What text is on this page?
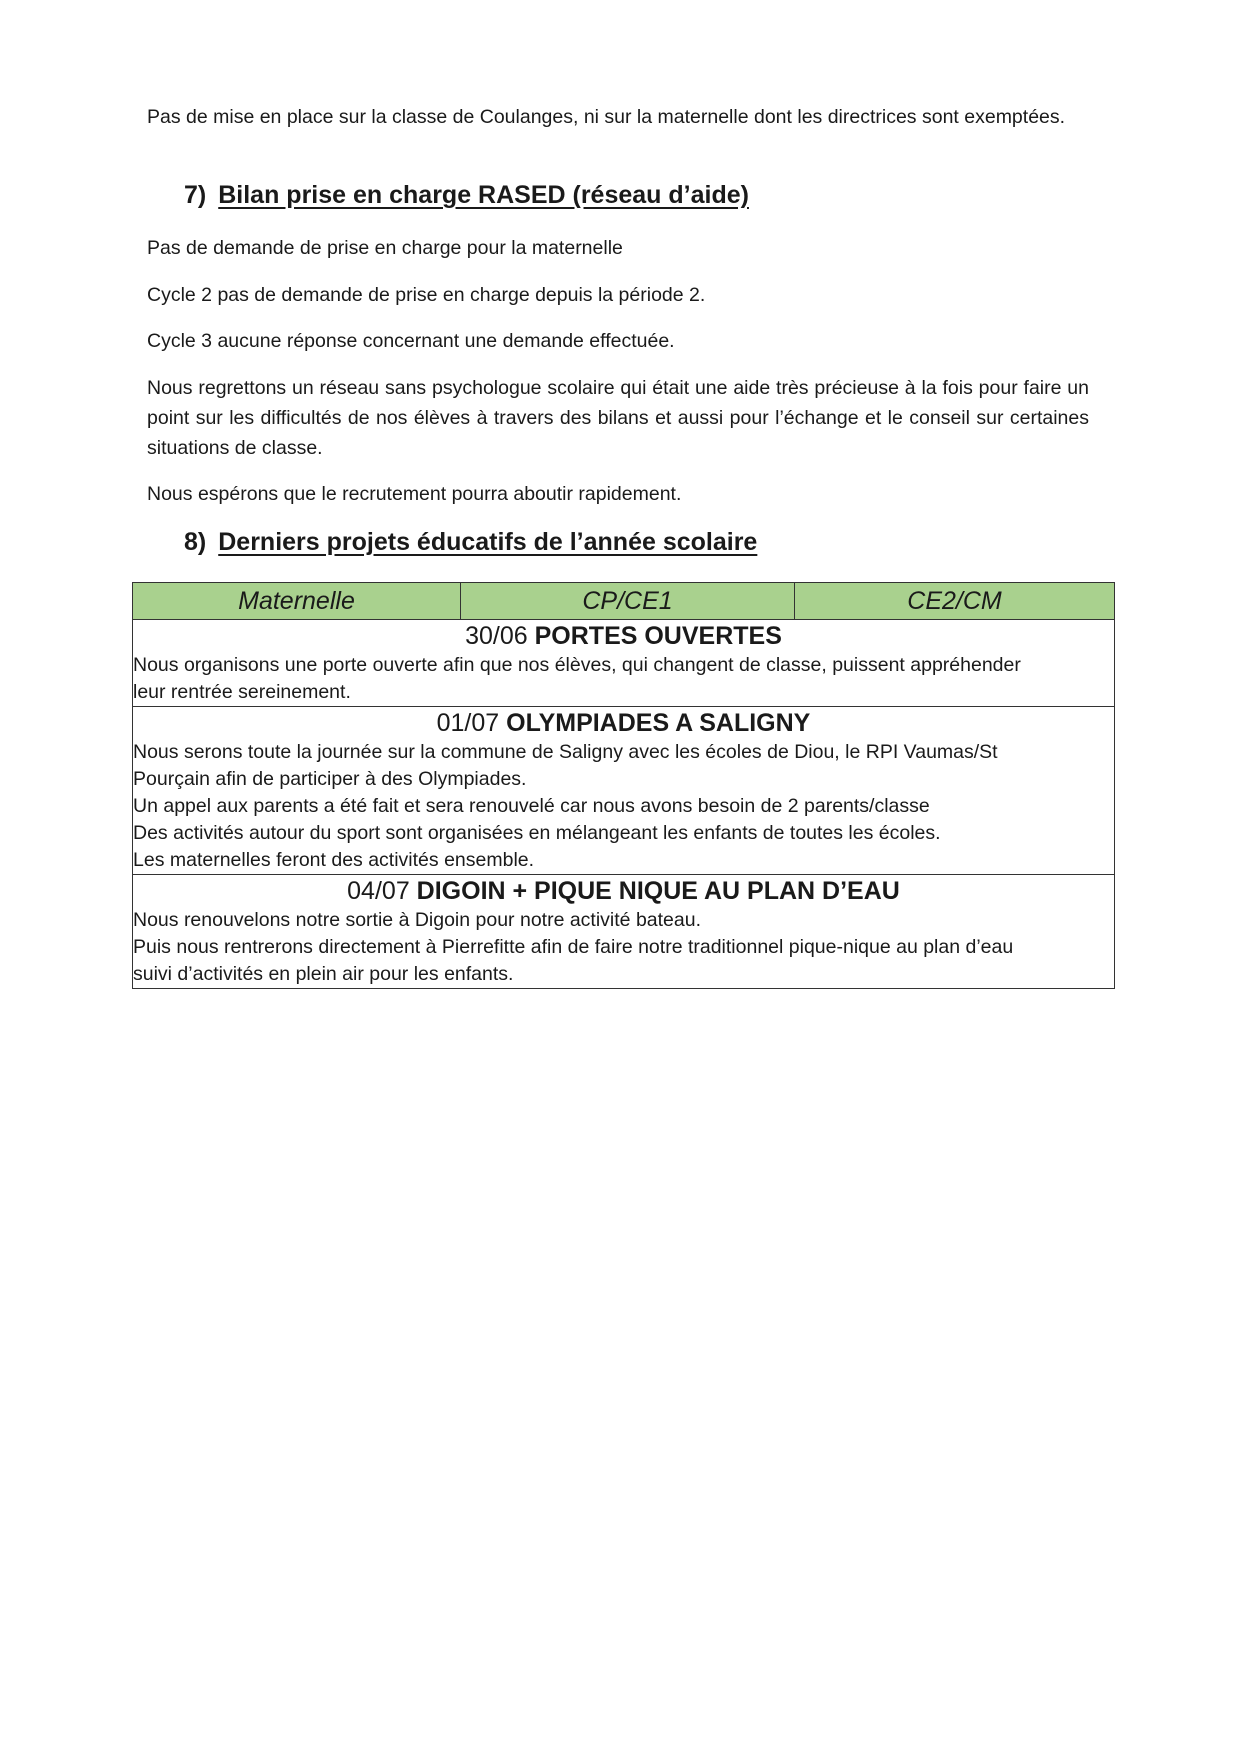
Pas de mise en place sur la classe de Coulanges, ni sur la maternelle dont les directrices sont exemptées.

7) Bilan prise en charge RASED (réseau d’aide)

Pas de demande de prise en charge pour la maternelle

Cycle 2 pas de demande de prise en charge depuis la période 2.

Cycle 3 aucune réponse concernant une demande effectuée.

Nous regrettons un réseau sans psychologue scolaire qui était une aide très précieuse à la fois pour faire un point sur les difficultés de nos élèves à travers des bilans et aussi pour l’échange et le conseil sur certaines situations de classe.

Nous espérons que le recrutement pourra aboutir rapidement.

8) Derniers projets éducatifs de l’année scolaire
Maternelle	CP/CE1	CE2/CM

30/06 PORTES OUVERTES
Nous organisons une porte ouverte afin que nos élèves, qui changent de classe, puissent appréhender
leur rentrée sereinement.

01/07 OLYMPIADES A SALIGNY
Nous serons toute la journée sur la commune de Saligny avec les écoles de Diou, le RPI Vaumas/St
Pourçain afin de participer à des Olympiades.
Un appel aux parents a été fait et sera renouvelé car nous avons besoin de 2 parents/classe
Des activités autour du sport sont organisées en mélangeant les enfants de toutes les écoles.
Les maternelles feront des activités ensemble.

04/07 DIGOIN + PIQUE NIQUE AU PLAN D’EAU
Nous renouvelons notre sortie à Digoin pour notre activité bateau.
Puis nous rentrerons directement à Pierrefitte afin de faire notre traditionnel pique-nique au plan d’eau
suivi d’activités en plein air pour les enfants.
